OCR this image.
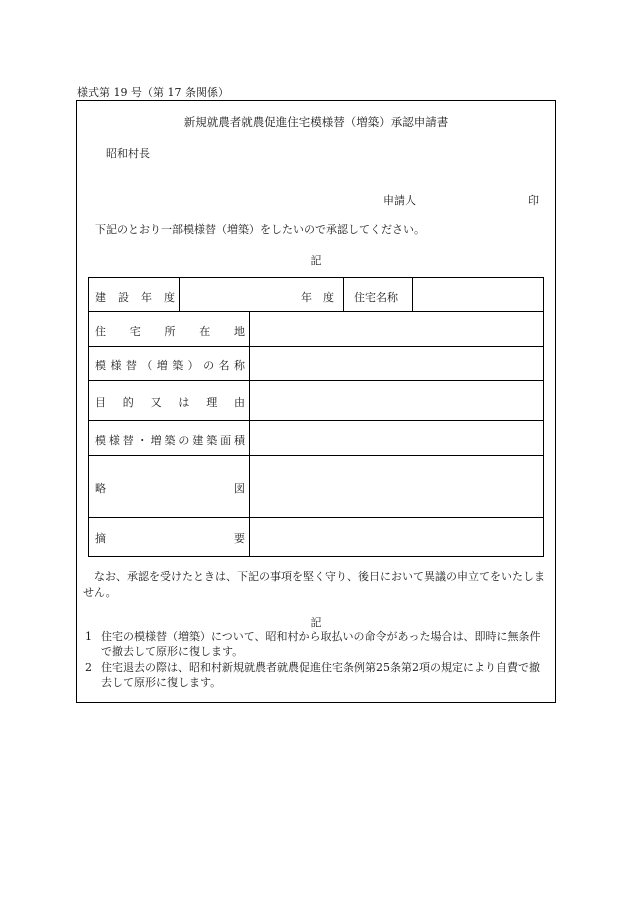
様式第 19 号（第 17 条関係）
新規就農者就農促進住宅模様替（増築）承認申請書
昭和村長
申請人	印
下記のとおり一部模様替（増築）をしたいので承認してください。
記
建設年度	年　度 住宅名称
住宅所在地
模様替（増築）の名称
目的又は理由
模様替・増築の建築面積
略図
摘要
なお、承認を受けたときは、下記の事項を堅く守り、後日において異議の申立てをいたしません。
記
1 住宅の模様替（増築）について、昭和村から取払いの命令があった場合は、即時に無条件で撤去して原形に復します。
2 住宅退去の際は、昭和村新規就農者就農促進住宅条例第25条第2項の規定により自費で撤去して原形に復します。
